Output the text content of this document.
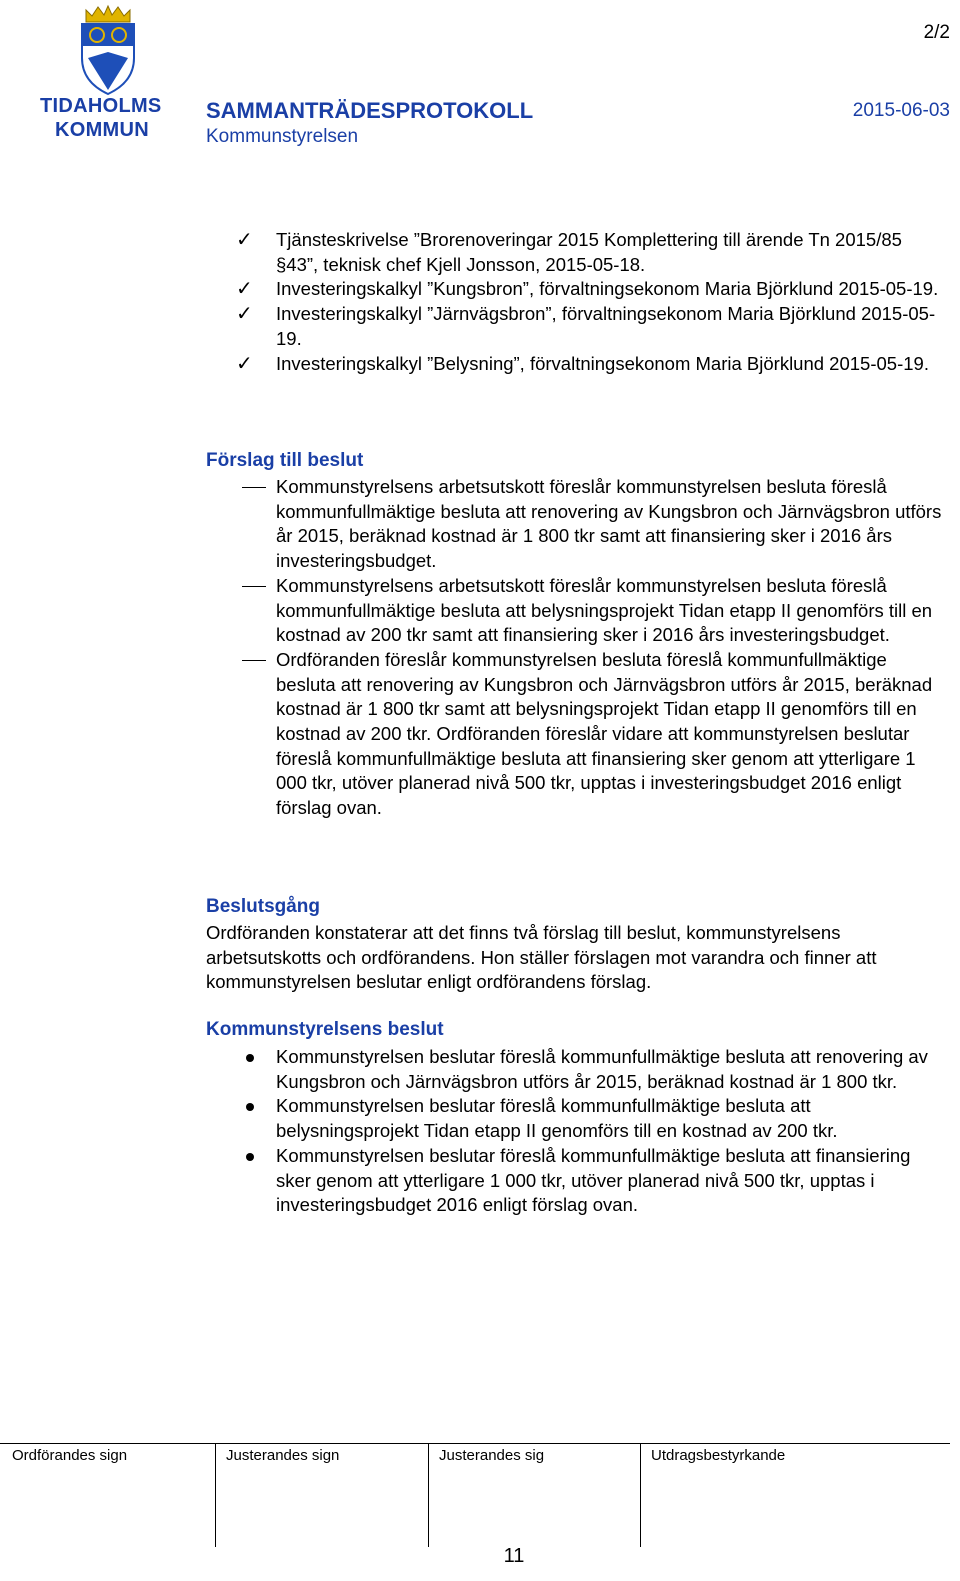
TIDAHOLMS
KOMMUN
2/2
SAMMANTRÄDESPROTOKOLL	2015-06-03
Kommunstyrelsen
✓ Tjänsteskrivelse ”Brorenoveringar 2015 Komplettering till ärende Tn 2015/85 §43”, teknisk chef Kjell Jonsson, 2015-05-18.
✓ Investeringskalkyl ”Kungsbron”, förvaltningsekonom Maria Björklund 2015-05-19.
✓ Investeringskalkyl ”Järnvägsbron”, förvaltningsekonom Maria Björklund 2015-05-19.
✓ Investeringskalkyl ”Belysning”, förvaltningsekonom Maria Björklund 2015-05-19.
Förslag till beslut
Kommunstyrelsens arbetsutskott föreslår kommunstyrelsen besluta föreslå kommunfullmäktige besluta att renovering av Kungsbron och Järnvägsbron utförs år 2015, beräknad kostnad är 1 800 tkr samt att finansiering sker i 2016 års investeringsbudget.
Kommunstyrelsens arbetsutskott föreslår kommunstyrelsen besluta föreslå kommunfullmäktige besluta att belysningsprojekt Tidan etapp II genomförs till en kostnad av 200 tkr samt att finansiering sker i 2016 års investeringsbudget.
Ordföranden föreslår kommunstyrelsen besluta föreslå kommunfullmäktige besluta att renovering av Kungsbron och Järnvägsbron utförs år 2015, beräknad kostnad är 1 800 tkr samt att belysningsprojekt Tidan etapp II genomförs till en kostnad av 200 tkr. Ordföranden föreslår vidare att kommunstyrelsen beslutar föreslå kommunfullmäktige besluta att finansiering sker genom att ytterligare 1 000 tkr, utöver planerad nivå 500 tkr, upptas i investeringsbudget 2016 enligt förslag ovan.
Beslutsgång
Ordföranden konstaterar att det finns två förslag till beslut, kommunstyrelsens arbetsutskotts och ordförandens. Hon ställer förslagen mot varandra och finner att kommunstyrelsen beslutar enligt ordförandens förslag.
Kommunstyrelsens beslut
Kommunstyrelsen beslutar föreslå kommunfullmäktige besluta att renovering av Kungsbron och Järnvägsbron utförs år 2015, beräknad kostnad är 1 800 tkr.
Kommunstyrelsen beslutar föreslå kommunfullmäktige besluta att belysningsprojekt Tidan etapp II genomförs till en kostnad av 200 tkr.
Kommunstyrelsen beslutar föreslå kommunfullmäktige besluta att finansiering sker genom att ytterligare 1 000 tkr, utöver planerad nivå 500 tkr, upptas i investeringsbudget 2016 enligt förslag ovan.
Ordförandes sign	Justerandes sign	Justerandes sig	Utdragsbestyrkande
11
